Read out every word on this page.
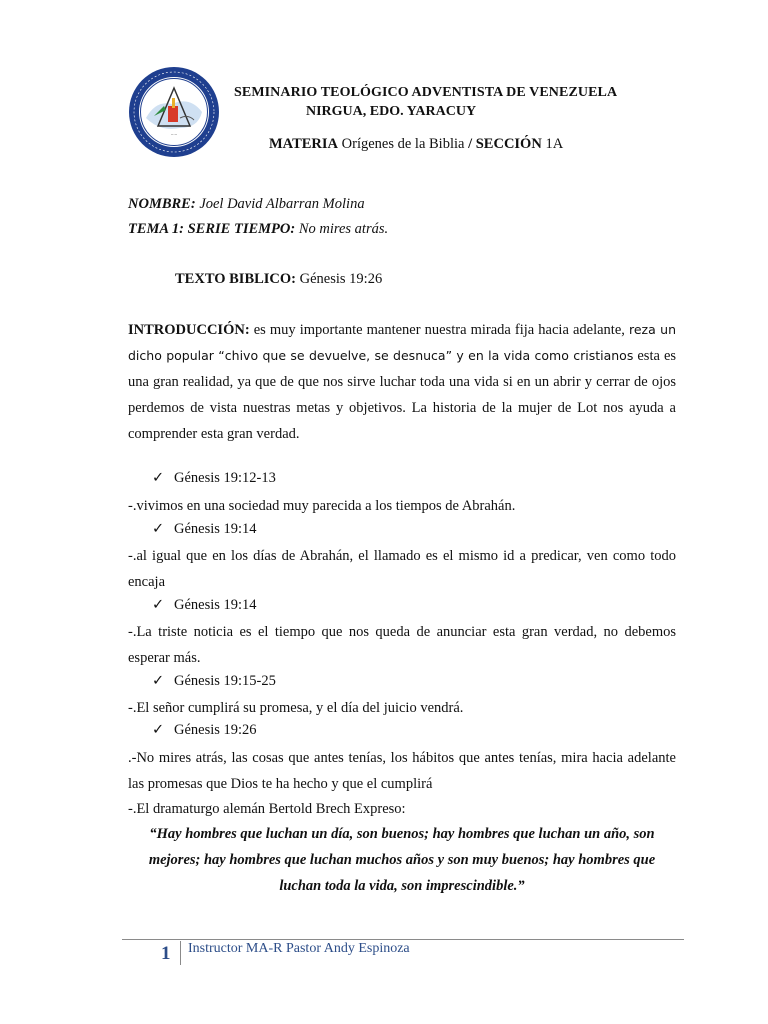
·····
SEMINARIO TEOLÓGICO ADVENTISTA DE VENEZUELA
NIRGUA, EDO. YARACUY
MATERIA Orígenes de la Biblia / SECCIÓN 1A
NOMBRE: Joel David Albarran Molina
TEMA 1: SERIE TIEMPO: No mires atrás.
TEXTO BIBLICO: Génesis 19:26
INTRODUCCIÓN: es muy importante mantener nuestra mirada fija hacia adelante, reza un dicho popular “chivo que se devuelve, se desnuca” y en la vida como cristianos esta es una gran realidad, ya que de que nos sirve luchar toda una vida si en un abrir y cerrar de ojos perdemos de vista nuestras metas y objetivos. La historia de la mujer de Lot nos ayuda a comprender esta gran verdad.
✓ Génesis 19:12-13
-.vivimos en una sociedad muy parecida a los tiempos de Abrahán.
✓ Génesis 19:14
-.al igual que en los días de Abrahán, el llamado es el mismo id a predicar, ven como todo encaja
✓ Génesis 19:14
-.La triste noticia es el tiempo que nos queda de anunciar esta gran verdad, no debemos esperar más.
✓ Génesis 19:15-25
-.El señor cumplirá su promesa, y el día del juicio vendrá.
✓ Génesis 19:26
.-No mires atrás, las cosas que antes tenías, los hábitos que antes tenías, mira hacia adelante las promesas que Dios te ha hecho y que el cumplirá
-.El dramaturgo alemán Bertold Brech Expreso:
“Hay hombres que luchan un día, son buenos; hay hombres que luchan un año, son mejores; hay hombres que luchan muchos años y son muy buenos; hay hombres que luchan toda la vida, son imprescindible.”
1 Instructor MA-R Pastor Andy Espinoza
